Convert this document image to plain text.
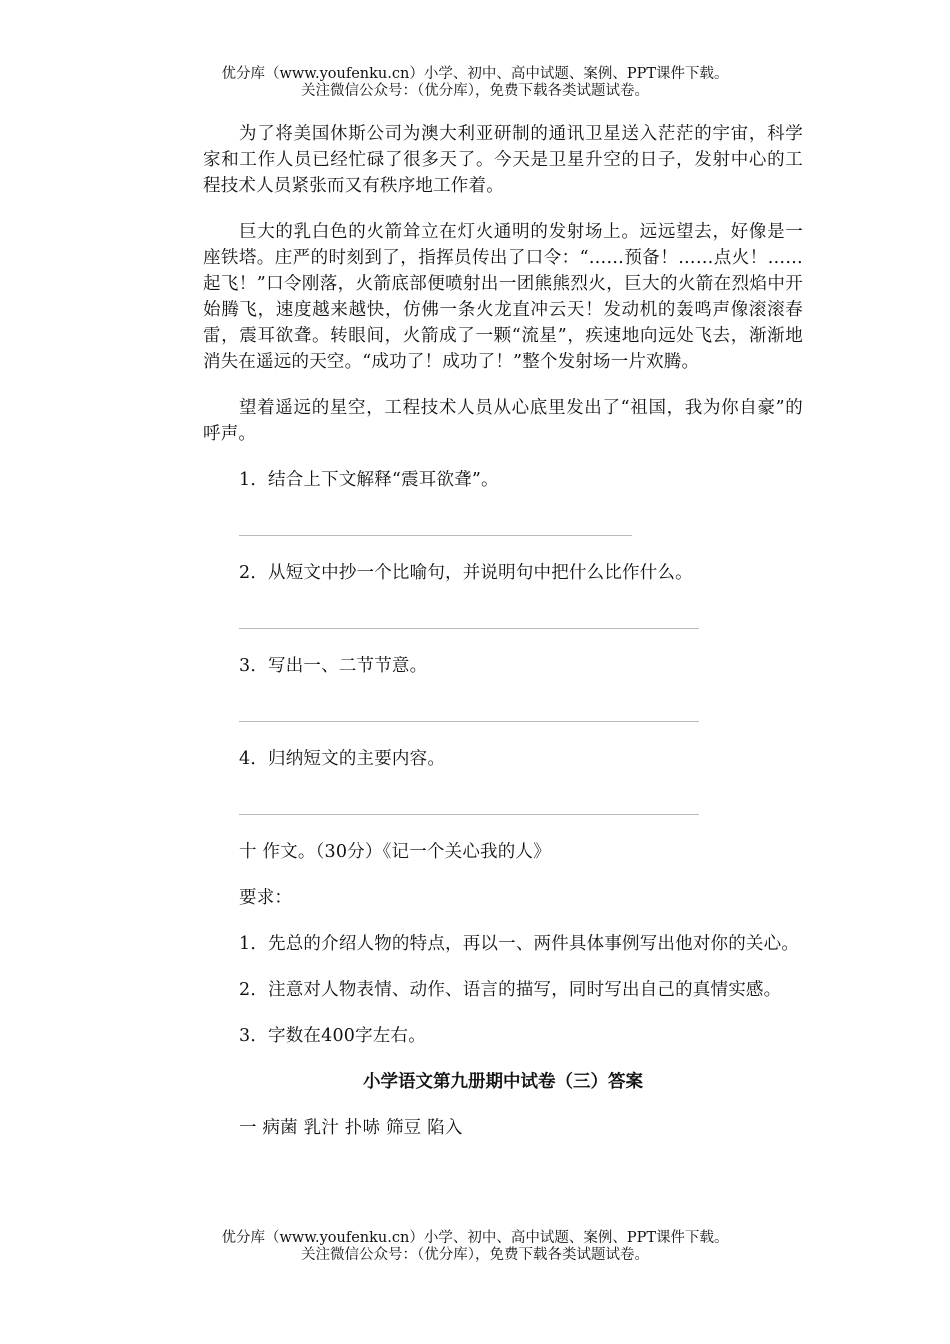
优分库（www.youfenku.cn）小学、初中、高中试题、案例、PPT课件下载。
关注微信公众号：（优分库），免费下载各类试题试卷。

为了将美国休斯公司为澳大利亚研制的通讯卫星送入茫茫的宇宙，科学家和工作人员已经忙碌了很多天了。今天是卫星升空的日子，发射中心的工程技术人员紧张而又有秩序地工作着。

巨大的乳白色的火箭耸立在灯火通明的发射场上。远远望去，好像是一座铁塔。庄严的时刻到了，指挥员传出了口令：“……预备！……点火！……起飞！”口令刚落，火箭底部便喷射出一团熊熊烈火，巨大的火箭在烈焰中开始腾飞，速度越来越快，仿佛一条火龙直冲云天！发动机的轰鸣声像滚滚春雷，震耳欲聋。转眼间，火箭成了一颗“流星”，疾速地向远处飞去，渐渐地消失在遥远的天空。“成功了！成功了！”整个发射场一片欢腾。

望着遥远的星空，工程技术人员从心底里发出了“祖国，我为你自豪”的呼声。

1．结合上下文解释“震耳欲聋”。

2．从短文中抄一个比喻句，并说明句中把什么比作什么。

3．写出一、二节节意。

4．归纳短文的主要内容。

十 作文。（30分）《记一个关心我的人》

要求：

1．先总的介绍人物的特点，再以一、两件具体事例写出他对你的关心。

2．注意对人物表情、动作、语言的描写，同时写出自己的真情实感。

3．字数在400字左右。

小学语文第九册期中试卷（三）答案

一 病菌 乳汁 扑哧 筛豆 陷入

优分库（www.youfenku.cn）小学、初中、高中试题、案例、PPT课件下载。
关注微信公众号：（优分库），免费下载各类试题试卷。
